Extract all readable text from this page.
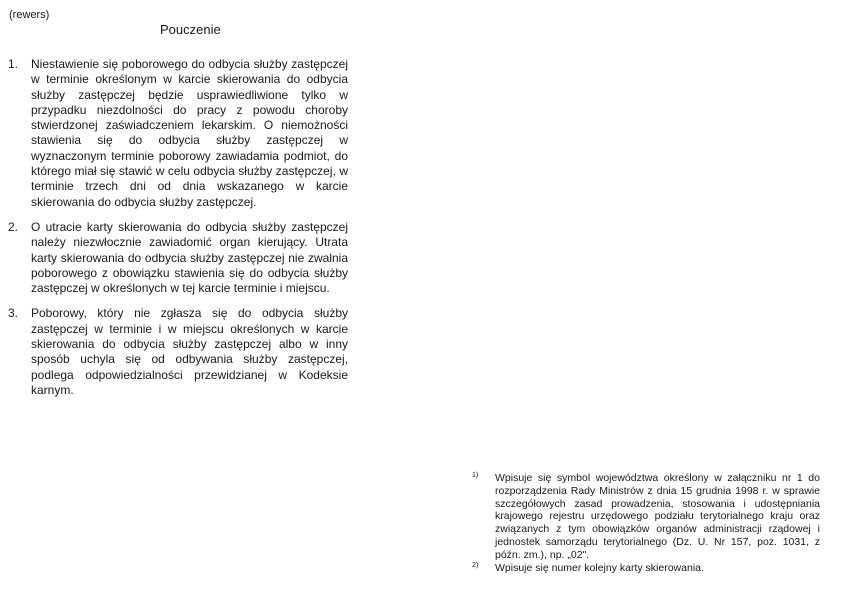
(rewers)
Pouczenie
1. Niestawienie się poborowego do odbycia służby zastępczej w terminie określonym w karcie skierowania do odbycia służby zastępczej będzie usprawiedliwione tylko w przypadku niezdolności do pracy z powodu choroby stwierdzonej zaświadczeniem lekarskim. O niemożności stawienia się do odbycia służby zastępczej w wyznaczonym terminie poborowy zawiadamia podmiot, do którego miał się stawić w celu odbycia służby zastępczej, w terminie trzech dni od dnia wskazanego w karcie skierowania do odbycia służby zastępczej.
2. O utracie karty skierowania do odbycia służby zastępczej należy niezwłocznie zawiadomić organ kierujący. Utrata karty skierowania do odbycia służby zastępczej nie zwalnia poborowego z obowiązku stawienia się do odbycia służby zastępczej w określonych w tej karcie terminie i miejscu.
3. Poborowy, który nie zgłasza się do odbycia służby zastępczej w terminie i w miejscu określonych w karcie skierowania do odbycia służby zastępczej albo w inny sposób uchyla się od odbywania służby zastępczej, podlega odpowiedzialności przewidzianej w Kodeksie karnym.
1) Wpisuje się symbol województwa określony w załączniku nr 1 do rozporządzenia Rady Ministrów z dnia 15 grudnia 1998 r. w sprawie szczegółowych zasad prowadzenia, stosowania i udostępniania krajowego rejestru urzędowego podziału terytorialnego kraju oraz związanych z tym obowiązków organów administracji rządowej i jednostek samorządu terytorialnego (Dz. U. Nr 157, poz. 1031, z późn. zm.), np. „02".
2) Wpisuje się numer kolejny karty skierowania.
